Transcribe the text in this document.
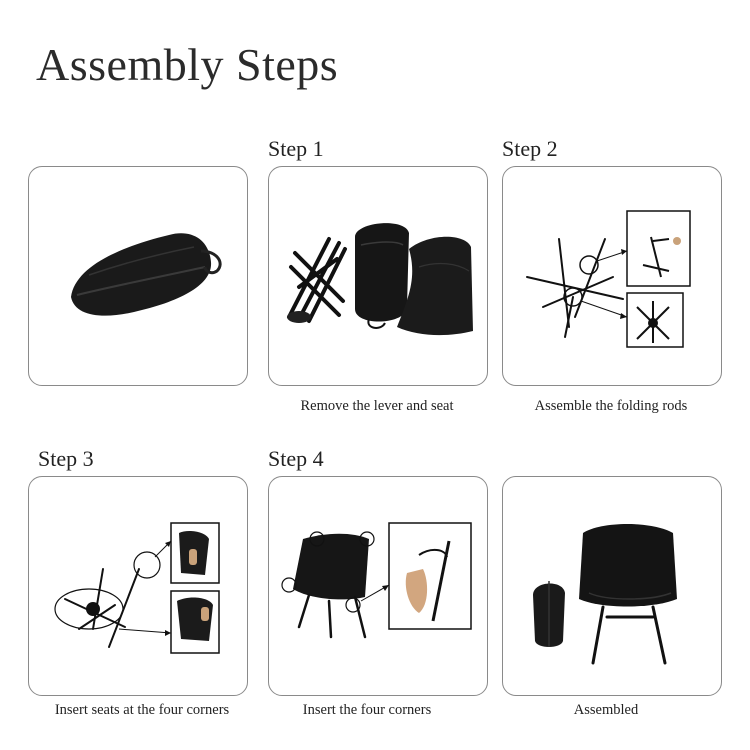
Assembly Steps
Step 1	Step 2
Step 3	Step 4
Remove the lever and seat	Assemble the folding rods
Insert seats at the four corners	Insert the four corners	Assembled
